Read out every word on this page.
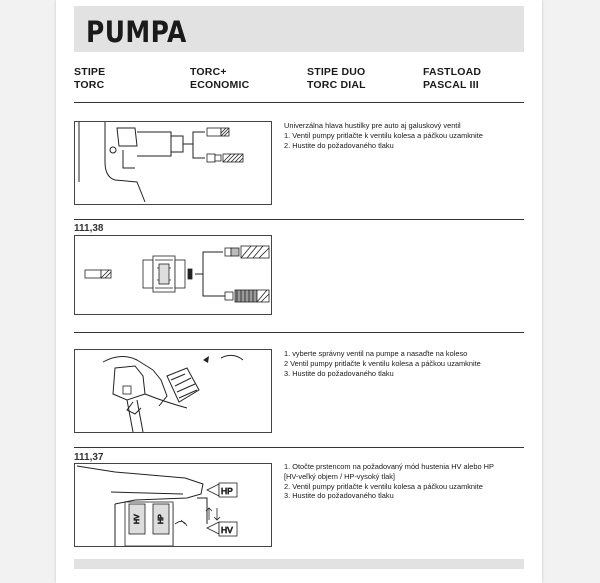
PUMPA
STIPE
TORC
TORC+
ECONOMIC
STIPE DUO
TORC DIAL
FASTLOAD
PASCAL III
Univerzálna hlava hustilky pre auto aj galuskový ventil
1. Ventil pumpy pritlačte k ventilu kolesa a páčkou uzamknite
2. Hustite do požadovaného tlaku
111,38
1. vyberte správny ventil na pumpe a nasaďte na koleso
2 Ventil pumpy pritlačte k ventilu kolesa a páčkou uzamknite
3. Hustite do požadovaného tlaku
111,37
HV HP
HP
HV
1. Otočte prstencom na požadovaný mód hustenia HV alebo HP
[HV-veľký objem / HP-vysoký tlak]
2. Ventil pumpy pritlačte k ventilu kolesa a páčkou uzamknite
3. Hustite do požadovaného tlaku
